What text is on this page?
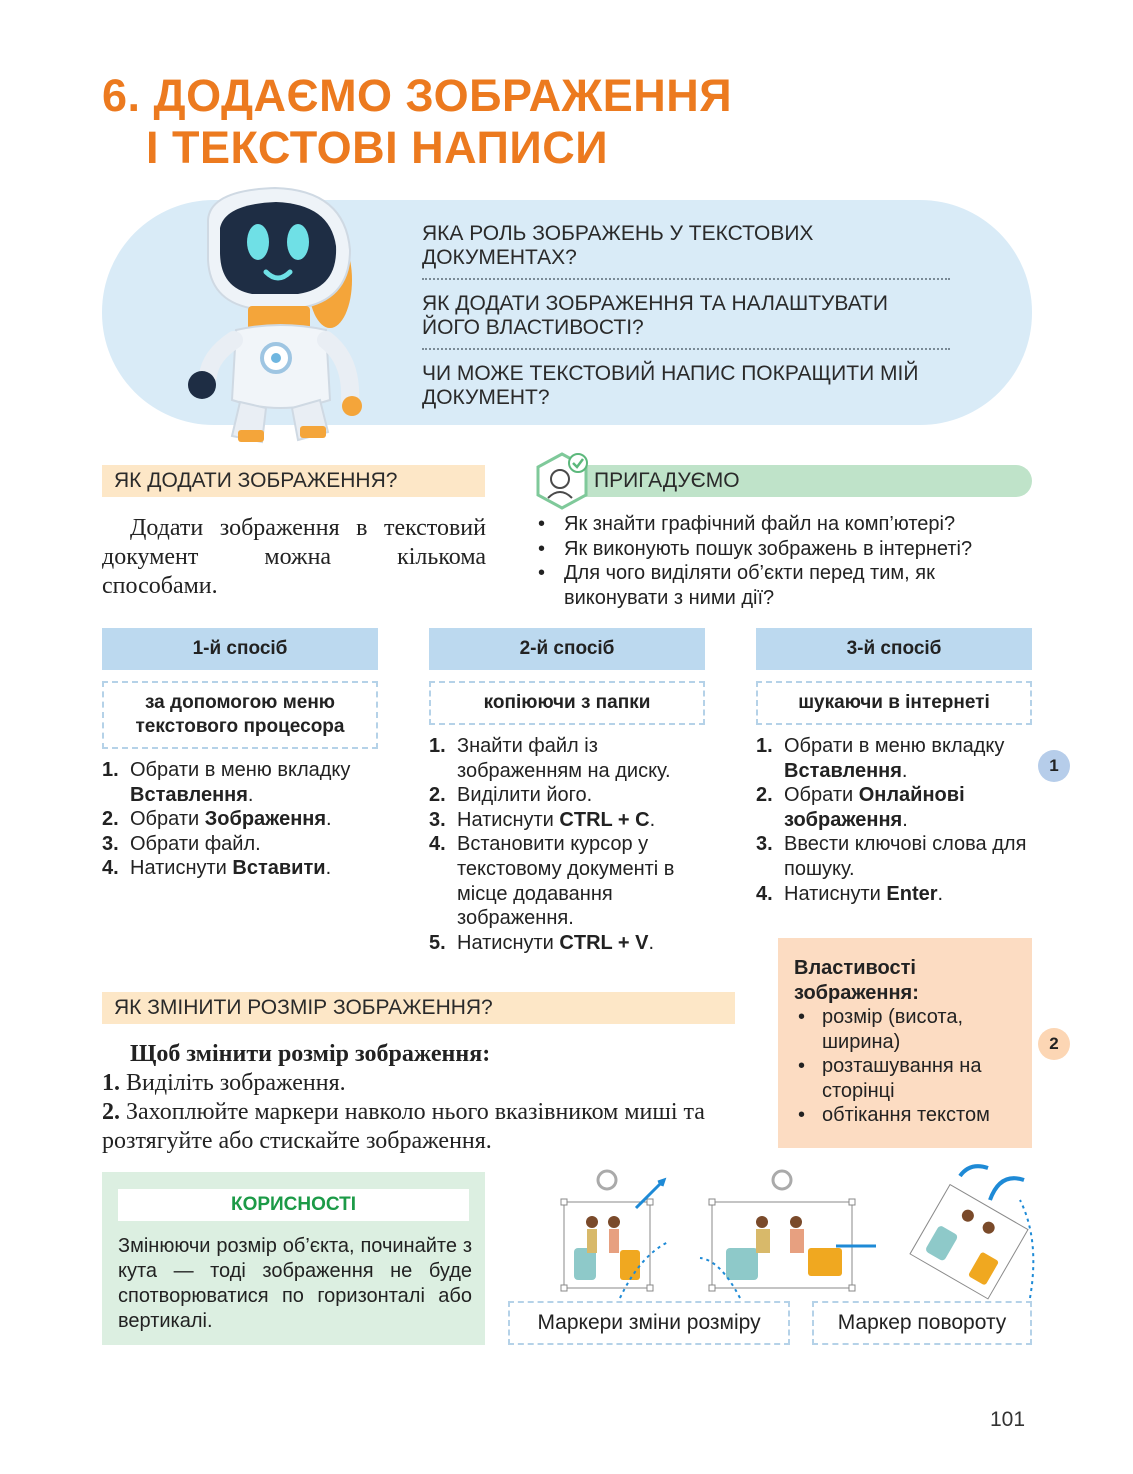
6. ДОДАЄМО ЗОБРАЖЕННЯ
І ТЕКСТОВІ НАПИСИ
ЯКА РОЛЬ ЗОБРАЖЕНЬ У ТЕКСТОВИХ ДОКУМЕНТАХ?
ЯК ДОДАТИ ЗОБРАЖЕННЯ ТА НАЛАШТУВАТИ ЙОГО ВЛАСТИВОСТІ?
ЧИ МОЖЕ ТЕКСТОВИЙ НАПИС ПОКРАЩИТИ МІЙ ДОКУМЕНТ?
ЯК ДОДАТИ ЗОБРАЖЕННЯ?
Додати зображення в текстовий документ можна кількома способами.
ПРИГАДУЄМО
• Як знайти графічний файл на комп’ютері?
• Як виконують пошук зображень в інтернеті?
• Для чого виділяти об’єкти перед тим, як виконувати з ними дії?
1-й спосіб
за допомогою меню текстового процесора
1. Обрати в меню вкладку Вставлення.
2. Обрати Зображення.
3. Обрати файл.
4. Натиснути Вставити.
2-й спосіб
копіюючи з папки
1. Знайти файл із зображенням на диску.
2. Виділити його.
3. Натиснути CTRL + C.
4. Встановити курсор у текстовому документі в місце додавання зображення.
5. Натиснути CTRL + V.
3-й спосіб
шукаючи в інтернеті
1. Обрати в меню вкладку Вставлення.
2. Обрати Онлайнові зображення.
3. Ввести ключові слова для пошуку.
4. Натиснути Enter.
1
2
Властивості зображення:
• розмір (висота, ширина)
• розташування на сторінці
• обтікання текстом
ЯК ЗМІНИТИ РОЗМІР ЗОБРАЖЕННЯ?
Щоб змінити розмір зображення:
1. Виділіть зображення.
2. Захоплюйте маркери навколо нього вказівником миші та розтягуйте або стискайте зображення.
КОРИСНОСТІ
Змінюючи розмір об’єкта, починайте з кута — тоді зображення не буде спотворюватися по горизонталі або вертикалі.	Маркери зміни розміру	Маркер повороту
101
